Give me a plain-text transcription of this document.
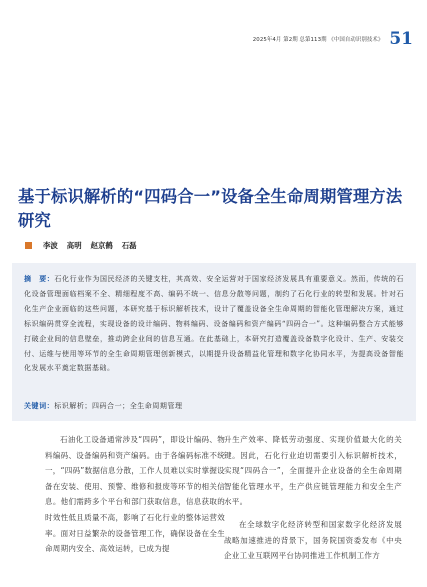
2025年4月 第2期 总第113期 《中国自动识别技术》 51
基于标识解析的“四码合一”设备全生命周期管理方法研究
李波 高明 赵京鹤 石磊
摘　要：石化行业作为国民经济的关键支柱，其高效、安全运营对于国家经济发展具有重要意义。然而，传统的石化设备管理面临档案不全、精细程度不高、编码不统一、信息分散等问题，制约了石化行业的转型和发展。针对石化生产企业面临的这些问题，本研究基于标识解析技术，设计了覆盖设备全生命周期的智能化管理解决方案，通过标识编码贯穿全流程，实现设备的设计编码、物料编码、设备编码和资产编码“四码合一”。这种编码整合方式能够打破企业间的信息壁垒，推动跨企业间的信息互通。在此基础上，本研究打造覆盖设备数字化设计、生产、安装交付、运维与使用等环节的全生命周期管理创新模式，以期提升设备精益化管理和数字化协同水平，为提高设备智能化发展水平奠定数据基础。
关键词：标识解析；四码合一；全生命周期管理
石油化工设备通常涉及“四码”，即设计编码、物料编码、设备编码和资产编码。由于各编码标准不统一，“四码”数据信息分散，工作人员难以实时掌握设备在安装、使用、预警、维修和报废等环节的相关信息。他们需跨多个平台和部门获取信息，信息获取的时效性低且质量不高，影响了石化行业的整体运营效率。面对日益繁杂的设备管理工作，确保设备在全生命周期内安全、高效运转，已成为提
升生产效率、降低劳动强度、实现价值最大化的关键。因此，石化行业迫切需要引入标识解析技术，实现“四码合一”，全面提升企业设备的全生命周期智能化管理水平，生产供应链管理能力和安全生产水平。
在全球数字化经济转型和国家数字化经济发展战略加速推进的背景下，国务院国资委发布《中央企业工业互联网平台协同推进工作机制工作方
